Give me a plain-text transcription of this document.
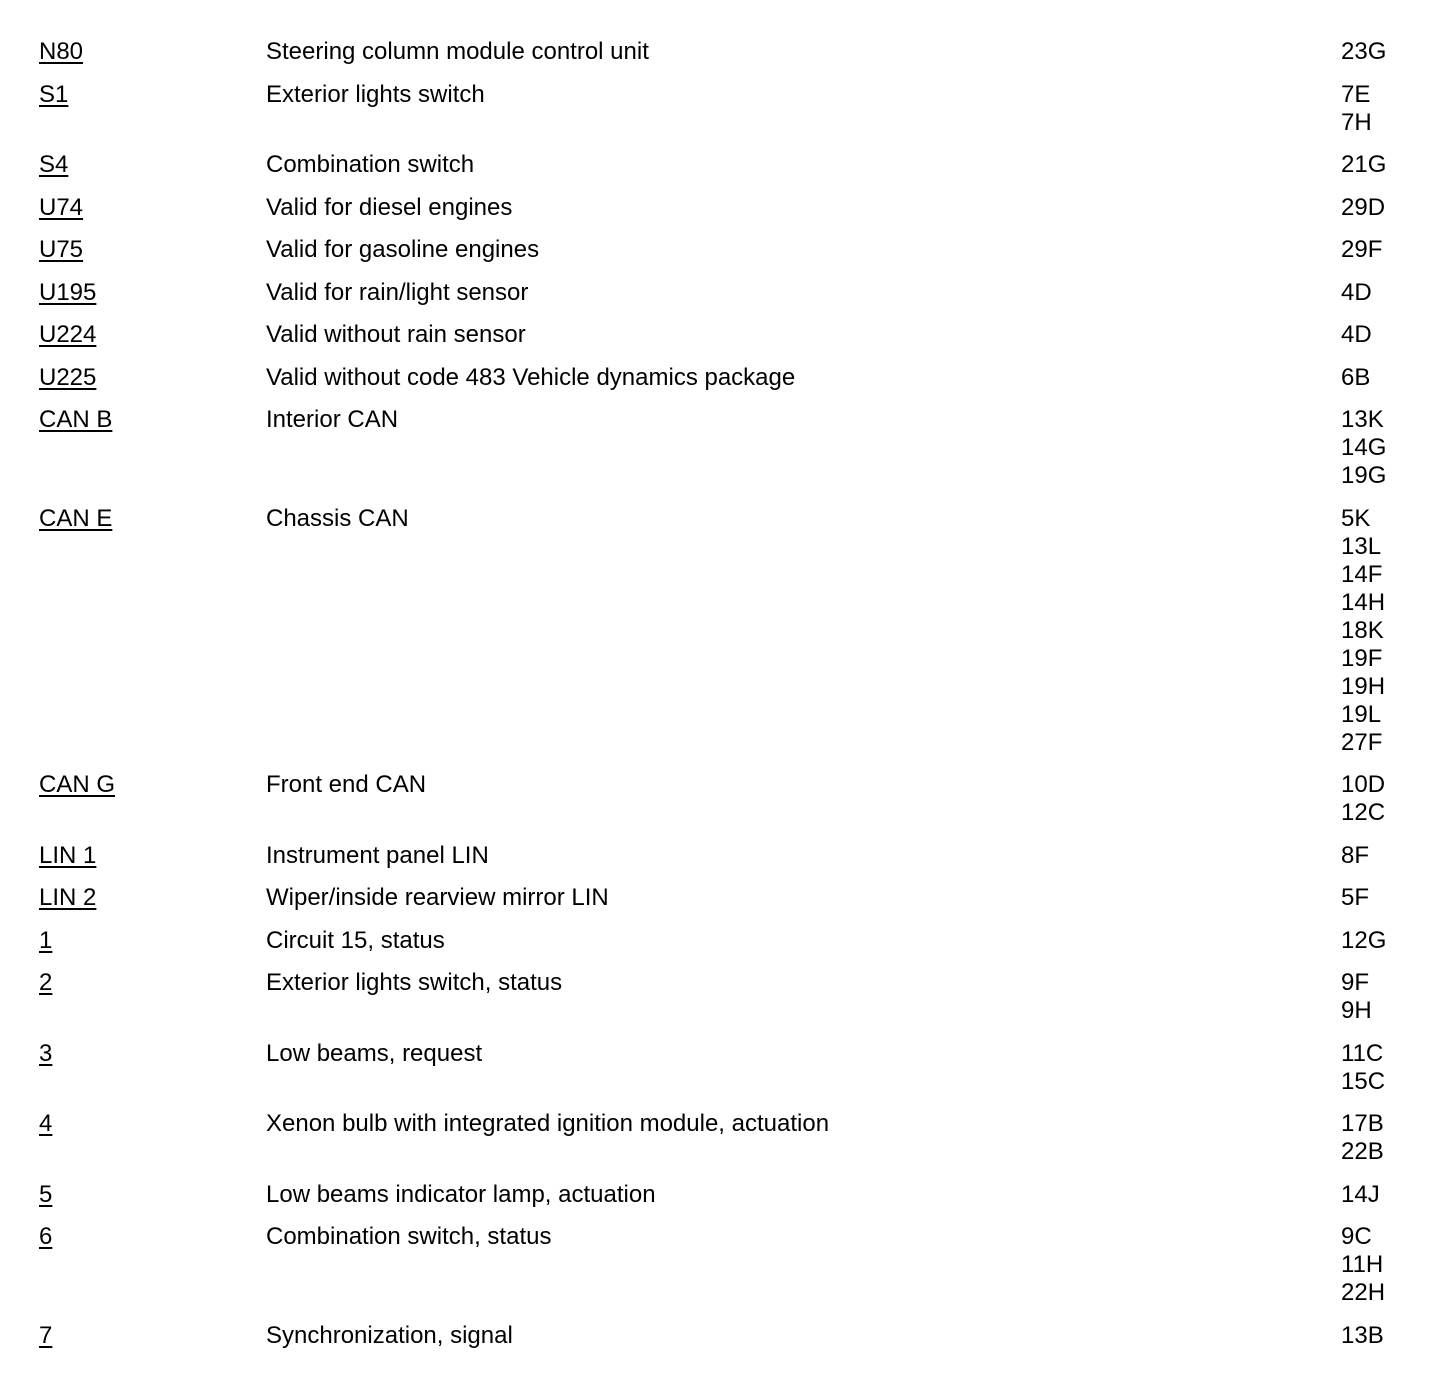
N80	Steering column module control unit	23G
S1	Exterior lights switch	7E
7H
S4	Combination switch	21G
U74	Valid for diesel engines	29D
U75	Valid for gasoline engines	29F
U195	Valid for rain/light sensor	4D
U224	Valid without rain sensor	4D
U225	Valid without code 483 Vehicle dynamics package	6B
CAN B	Interior CAN	13K
14G
19G
CAN E	Chassis CAN	5K
13L
14F
14H
18K
19F
19H
19L
27F
CAN G	Front end CAN	10D
12C
LIN 1	Instrument panel LIN	8F
LIN 2	Wiper/inside rearview mirror LIN	5F
1	Circuit 15, status	12G
2	Exterior lights switch, status	9F
9H
3	Low beams, request	11C
15C
4	Xenon bulb with integrated ignition module, actuation	17B
22B
5	Low beams indicator lamp, actuation	14J
6	Combination switch, status	9C
11H
22H
7	Synchronization, signal	13B
